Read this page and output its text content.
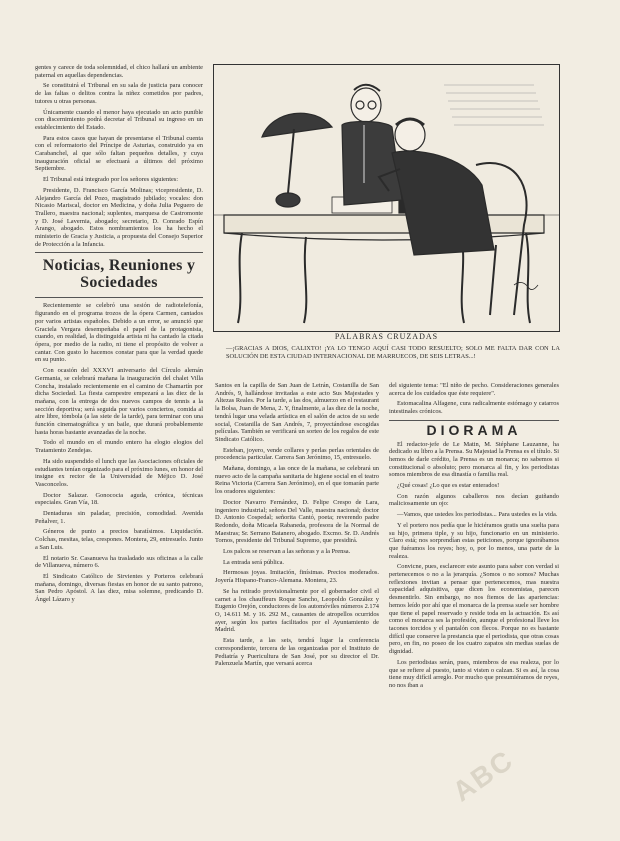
ABC

gentes y carece de toda solemnidad, el chico hallará un ambiente paternal en aquellas dependencias.

Se constituirá el Tribunal en su sala de justicia para conocer de las faltas o delitos contra la niñez cometidos por padres, tutores u otras personas.

Únicamente cuando el menor haya ejecutado un acto punible con discernimiento podrá decretar el Tribunal su ingreso en un establecimiento del Estado.

Para estos casos que hayan de presentarse el Tribunal cuenta con el reformatorio del Príncipe de Asturias, construido ya en Carabanchel, al que sólo faltan pequeños detalles, y cuya inauguración oficial se efectuará a últimos del próximo Septiembre.

El Tribunal está integrado por los señores siguientes:

Presidente, D. Francisco García Molinas; vicepresidente, D. Alejandro García del Pozo, magistrado jubilado; vocales: don Nicasio Mariscal, doctor en Medicina, y doña Julia Peguero de Trallero, maestra nacional; suplentes, marquesa de Castromonte y D. José Lavernia, abogado; secretario, D. Conrado Espín Arango, abogado. Estos nombramientos los ha hecho el ministerio de Gracia y Justicia, a propuesta del Consejo Superior de Protección a la Infancia.

Noticias, Reuniones y Sociedades

Recientemente se celebró una sesión de radiotelefonía, figurando en el programa trozos de la ópera Carmen, cantados por varios artistas españoles. Debido a un error, se anunció que Graciela Vergara desempeñaba el papel de la protagonista, cuando, en realidad, la distinguida artista ni ha cantado la citada ópera, por medio de la radio, ni tiene el propósito de volver a cantar. Con gusto lo hacemos constar para que la verdad quede en su punto.

Con ocasión del XXXVI aniversario del Círculo alemán Germania, se celebrará mañana la inauguración del chalet Villa Concha, instalado recientemente en el camino de Chamartín por dicha Sociedad. La fiesta campestre empezará a las diez de la mañana, con la entrega de dos nuevos campos de tennis a la sección deportiva; será seguida por varios conciertos, comida al aire libre, tómbola (a las siete de la tarde), para terminar con una función cinematográfica y un baile, que durará probablemente hasta horas bastante avanzadas de la noche.

Todo el mundo en el mundo entero ha elogio elogios del Tratamiento Zendejas.

Ha sido suspendido el lunch que las Asociaciones oficiales de estudiantes tenían organizado para el próximo lunes, en honor del insigne ex rector de la Universidad de Méjico D. José Vasconcelos.

Doctor Salazar. Gonococia aguda, crónica, técnicas especiales. Gran Vía, 18.

Dentaduras sin paladar, precisión, comodidad. Avenida Peñalver, 1.

Géneros de punto a precios baratísimos. Liquidación. Colchas, mesitas, telas, crespones. Montera, 29, entresuelo. Junto a San Luis.

El notario Sr. Casanueva ha trasladado sus oficinas a la calle de Villanueva, número 6.

El Sindicato Católico de Sirvientes y Porteros celebrará mañana, domingo, diversas fiestas en honor de su santo patrono, San Pedro Apóstol. A las diez, misa solemne, predicando D. Ángel Lázaro y

PALABRAS CRUZADAS
—¡GRACIAS A DIOS, CALIXTO! ¡YA LO TENGO AQUÍ CASI TODO RESUELTO; SOLO ME FALTA DAR CON LA SOLUCIÓN DE ESTA CIUDAD INTERNACIONAL DE MARRUECOS, DE SEIS LETRAS...!

Santos en la capilla de San Juan de Letrán, Costanilla de San Andrés, 9, hallándose invitadas a este acto Sus Majestades y Altezas Reales. Por la tarde, a las dos, almuerzo en el restaurant la Bolsa, Juan de Mena, 2. Y, finalmente, a las diez de la noche, tendrá lugar una velada artística en el salón de actos de su sede social, Costanilla de San Andrés, 7, proyectándose escogidas películas. También se verificará un sorteo de los regalos de este Sindicato Católico.

Esteban, joyero, vende collares y perlas perlas orientales de procedencia particular. Carrera San Jerónimo, 15, entresuelo.

Mañana, domingo, a las once de la mañana, se celebrará un nuevo acto de la campaña sanitaria de higiene social en el teatro Reina Victoria (Carrera San Jerónimo), en el que tomarán parte los oradores siguientes:

Doctor Navarro Fernández, D. Felipe Crespo de Lara, ingeniero industrial; señora Del Valle, maestra nacional; doctor D. Antonio Cospedal; señorita Cantó, poeta; reverendo padre Redondo, doña Micaela Rabaneda, profesora de la Normal de Maestras; Sr. Serrano Batanero, abogado. Excmo. Sr. D. Andrés Tornos, presidente del Tribunal Supremo, que presidirá.

Los palcos se reservan a las señoras y a la Prensa.

La entrada será pública.

Hermosas joyas. Imitación, finísimas. Precios moderados. Joyería Hispano-Franco-Alemana. Montera, 23.

Se ha retirado provisionalmente por el gobernador civil el carnet a los chauffeurs Roque Sancho, Leopoldo González y Eugenio Orejón, conductores de los automóviles números 2.174 O, 14.611 M. y 16. 292 M., causantes de atropellos ocurridos ayer, según los partes facilitados por el Ayuntamiento de Madrid.

Esta tarde, a las seis, tendrá lugar la conferencia correspondiente, tercera de las organizadas por el Instituto de Pediatría y Puericultura de San José, por su director el Dr. Palenzuela Martín, que versará acerca

del siguiente tema: "El niño de pecho. Consideraciones generales acerca de los cuidados que éste requiere".

Estomacalina Alfagene, cura radicalmente estómago y catarros intestinales crónicos.

DIORAMA

El redactor-jefe de Le Matin, M. Stéphane Lauzanne, ha dedicado su libro a la Prensa. Su Majestad la Prensa es el título. Si hemos de darle crédito, la Prensa es un monarca; no sabemos si constitucional o absoluto; pero monarca al fin, y los periodistas somos miembros de esa dinastía o familia real.

¿Qué cosas! ¿Lo que es estar enterados!

Con razón algunos caballeros nos decían guiñando maliciosamente un ojo:

—Vamos, que ustedes los periodistas... Para ustedes es la vida.

Y el portero nos pedía que le hiciéramos gratis una suelta para su hijo, primera tiple, y su hijo, funcionario en un ministerio. Claro está; nos sorprendían estas peticiones, porque ignorábamos que fuéramos los reyes; hoy, o, por lo menos, una parte de la realeza.

Convicne, pues, esclarecer este asunto para saber con verdad si pertenecemos o no a la jerarquía. ¿Somos o no somos? Muchas reflexiones invitan a pensar que pertenecemos, mas nuestra capacidad adquisitiva, que dicen los economistas, parecen desmentirlo. Sin embargo, no nos fiemos de las apariencias: hemos leído por ahí que el monarca de la prensa suele ser hombre que tiene el papel reservado y reside toda en la actuación. Es así como el monarca ses la profesión, aunque el profesional lleve los tacones torcidos y el pantalón con flecos. Porque no es bastante difícil que conserve la prestancia que el periodista, que otras cosas pero, en fin, no poseo de los cuatro zapatos sin medias suelas de dignidad.

Los periodistas serán, pues, miembros de esa realeza, por lo que se refiere al puesto, tanto si visten o calzan. Si es así, la cosa tiene muy difícil arreglo. Por mucho que presumiéramos de reyes, no nos iban a
